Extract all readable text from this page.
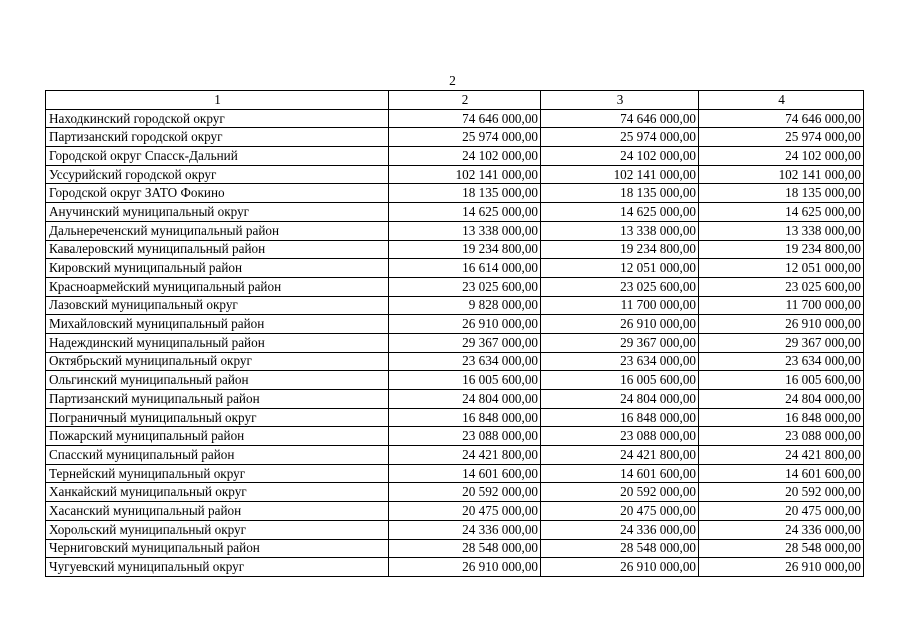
2
1	2	3	4
Находкинский городской округ	74 646 000,00	74 646 000,00	74 646 000,00
Партизанский городской округ	25 974 000,00	25 974 000,00	25 974 000,00
Городской округ Спасск-Дальний	24 102 000,00	24 102 000,00	24 102 000,00
Уссурийский городской округ	102 141 000,00	102 141 000,00	102 141 000,00
Городской округ ЗАТО Фокино	18 135 000,00	18 135 000,00	18 135 000,00
Анучинский муниципальный округ	14 625 000,00	14 625 000,00	14 625 000,00
Дальнереченский муниципальный район	13 338 000,00	13 338 000,00	13 338 000,00
Кавалеровский муниципальный район	19 234 800,00	19 234 800,00	19 234 800,00
Кировский муниципальный район	16 614 000,00	12 051 000,00	12 051 000,00
Красноармейский муниципальный район	23 025 600,00	23 025 600,00	23 025 600,00
Лазовский муниципальный округ	9 828 000,00	11 700 000,00	11 700 000,00
Михайловский муниципальный район	26 910 000,00	26 910 000,00	26 910 000,00
Надеждинский муниципальный район	29 367 000,00	29 367 000,00	29 367 000,00
Октябрьский муниципальный округ	23 634 000,00	23 634 000,00	23 634 000,00
Ольгинский муниципальный район	16 005 600,00	16 005 600,00	16 005 600,00
Партизанский муниципальный район	24 804 000,00	24 804 000,00	24 804 000,00
Пограничный муниципальный округ	16 848 000,00	16 848 000,00	16 848 000,00
Пожарский муниципальный район	23 088 000,00	23 088 000,00	23 088 000,00
Спасский муниципальный район	24 421 800,00	24 421 800,00	24 421 800,00
Тернейский муниципальный округ	14 601 600,00	14 601 600,00	14 601 600,00
Ханкайский муниципальный округ	20 592 000,00	20 592 000,00	20 592 000,00
Хасанский муниципальный район	20 475 000,00	20 475 000,00	20 475 000,00
Хорольский муниципальный округ	24 336 000,00	24 336 000,00	24 336 000,00
Черниговский муниципальный район	28 548 000,00	28 548 000,00	28 548 000,00
Чугуевский муниципальный округ	26 910 000,00	26 910 000,00	26 910 000,00
